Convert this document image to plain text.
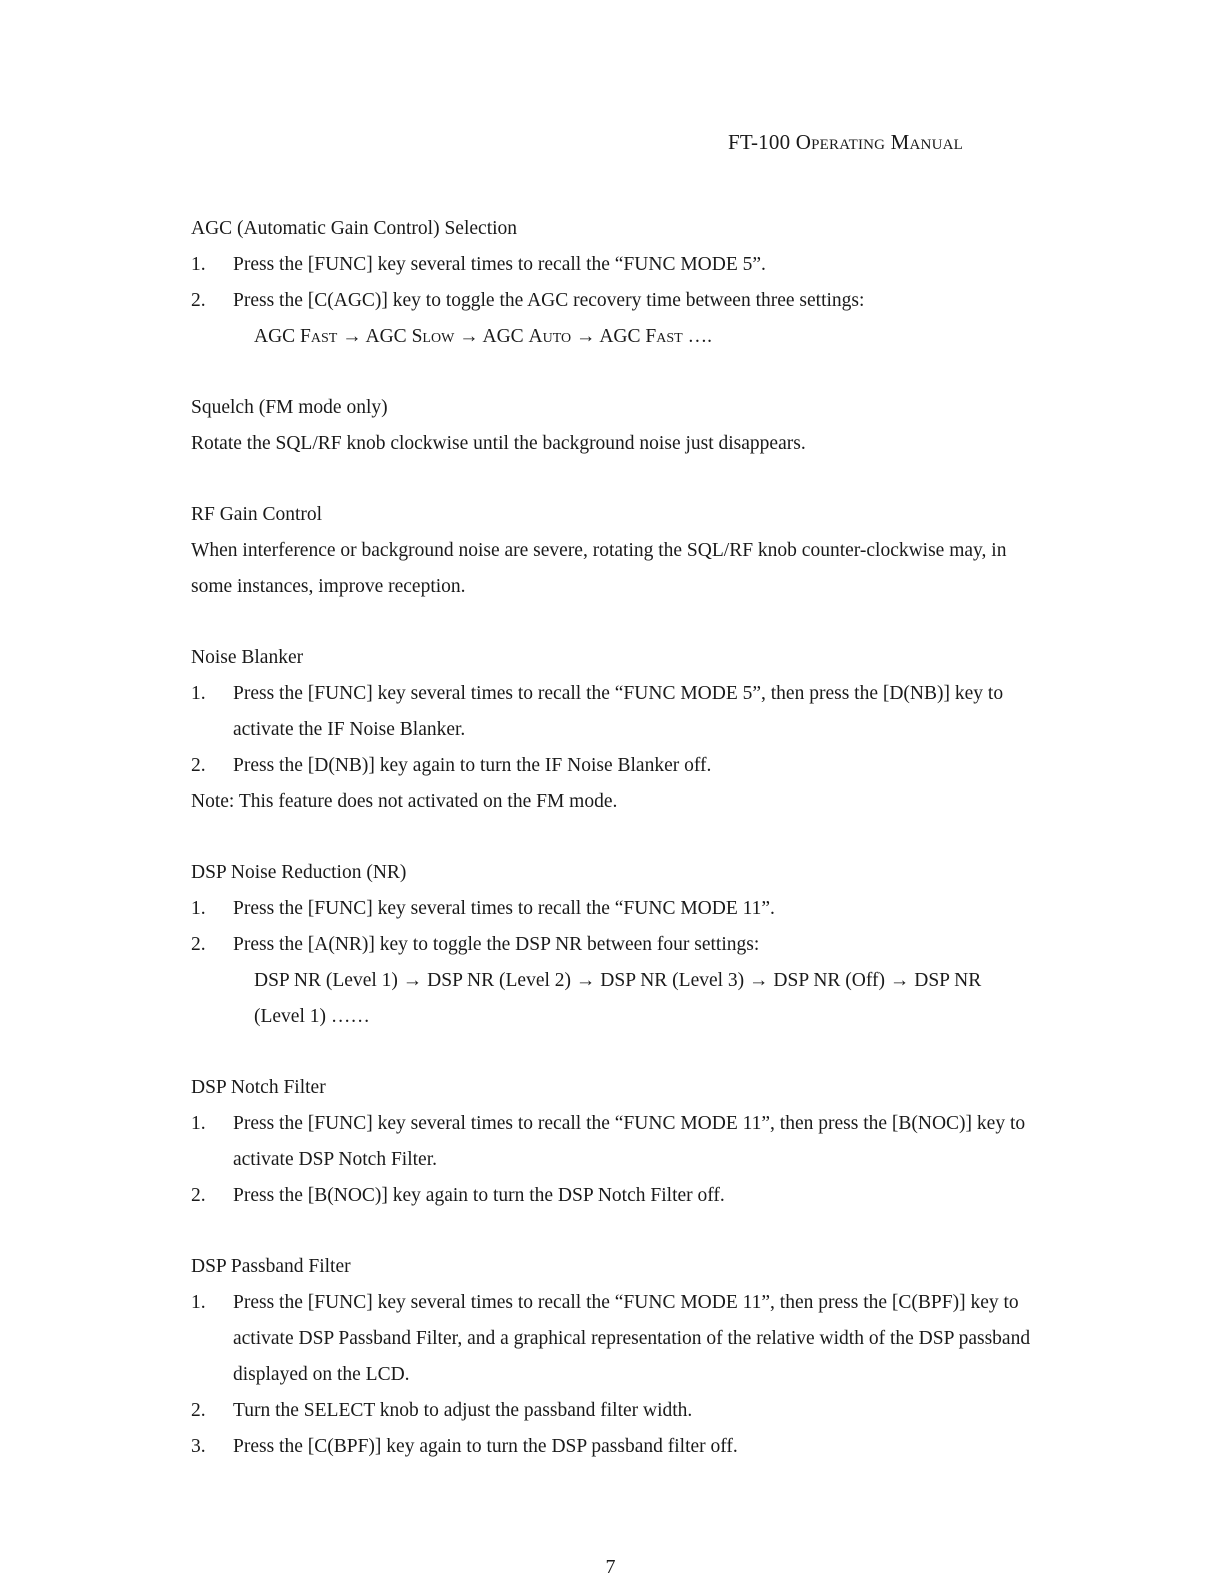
FT-100 Operating Manual
AGC (Automatic Gain Control) Selection
1. Press the [FUNC] key several times to recall the “FUNC MODE 5”.
2. Press the [C(AGC)] key to toggle the AGC recovery time between three settings:
AGC Fast → AGC Slow → AGC Auto → AGC Fast ….
Squelch (FM mode only)

Rotate the SQL/RF knob clockwise until the background noise just disappears.

RF Gain Control

When interference or background noise are severe, rotating the SQL/RF knob counter-clockwise may, in some instances, improve reception.

Noise Blanker
1. Press the [FUNC] key several times to recall the “FUNC MODE 5”, then press the [D(NB)] key to activate the IF Noise Blanker.
2. Press the [D(NB)] key again to turn the IF Noise Blanker off.

Note: This feature does not activated on the FM mode.

DSP Noise Reduction (NR)
1. Press the [FUNC] key several times to recall the “FUNC MODE 11”.
2. Press the [A(NR)] key to toggle the DSP NR between four settings:
DSP NR (Level 1) → DSP NR (Level 2) → DSP NR (Level 3) → DSP NR (Off) → DSP NR (Level 1) ……
DSP Notch Filter
1. Press the [FUNC] key several times to recall the “FUNC MODE 11”, then press the [B(NOC)] key to activate DSP Notch Filter.
2. Press the [B(NOC)] key again to turn the DSP Notch Filter off.
DSP Passband Filter
1. Press the [FUNC] key several times to recall the “FUNC MODE 11”, then press the [C(BPF)] key to activate DSP Passband Filter, and a graphical representation of the relative width of the DSP passband displayed on the LCD.
2. Turn the SELECT knob to adjust the passband filter width.
3. Press the [C(BPF)] key again to turn the DSP passband filter off.
7
